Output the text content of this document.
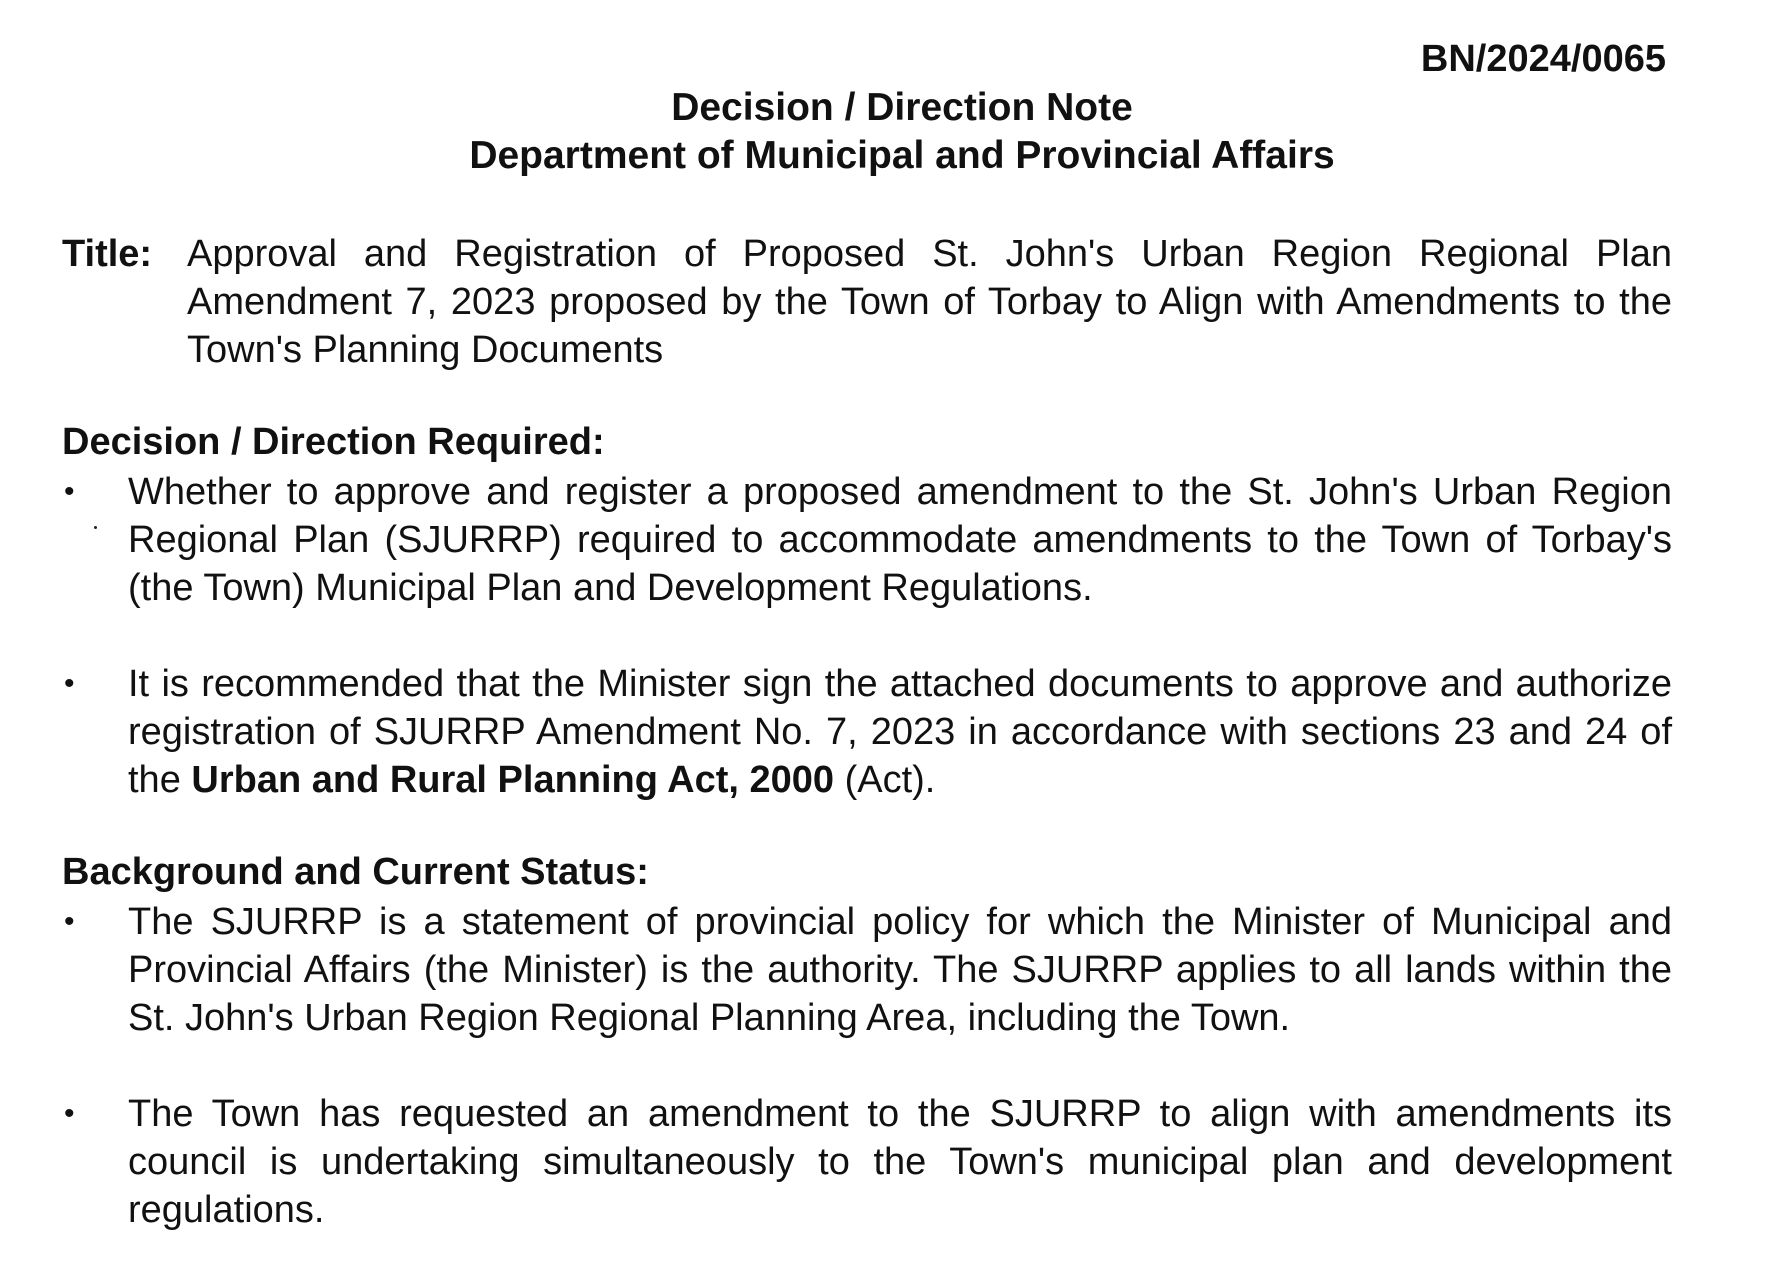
BN/2024/0065
Decision / Direction Note
Department of Municipal and Provincial Affairs
Title: Approval and Registration of Proposed St. John's Urban Region Regional Plan Amendment 7, 2023 proposed by the Town of Torbay to Align with Amendments to the Town's Planning Documents

Decision / Direction Required:

•	Whether to approve and register a proposed amendment to the St. John's Urban Region Regional Plan (SJURRP) required to accommodate amendments to the Town of Torbay's (the Town) Municipal Plan and Development Regulations.
•	It is recommended that the Minister sign the attached documents to approve and authorize registration of SJURRP Amendment No. 7, 2023 in accordance with sections 23 and 24 of the Urban and Rural Planning Act, 2000 (Act).

Background and Current Status:

•	The SJURRP is a statement of provincial policy for which the Minister of Municipal and Provincial Affairs (the Minister) is the authority. The SJURRP applies to all lands within the St. John's Urban Region Regional Planning Area, including the Town.
•	The Town has requested an amendment to the SJURRP to align with amendments its council is undertaking simultaneously to the Town's municipal plan and development regulations.
